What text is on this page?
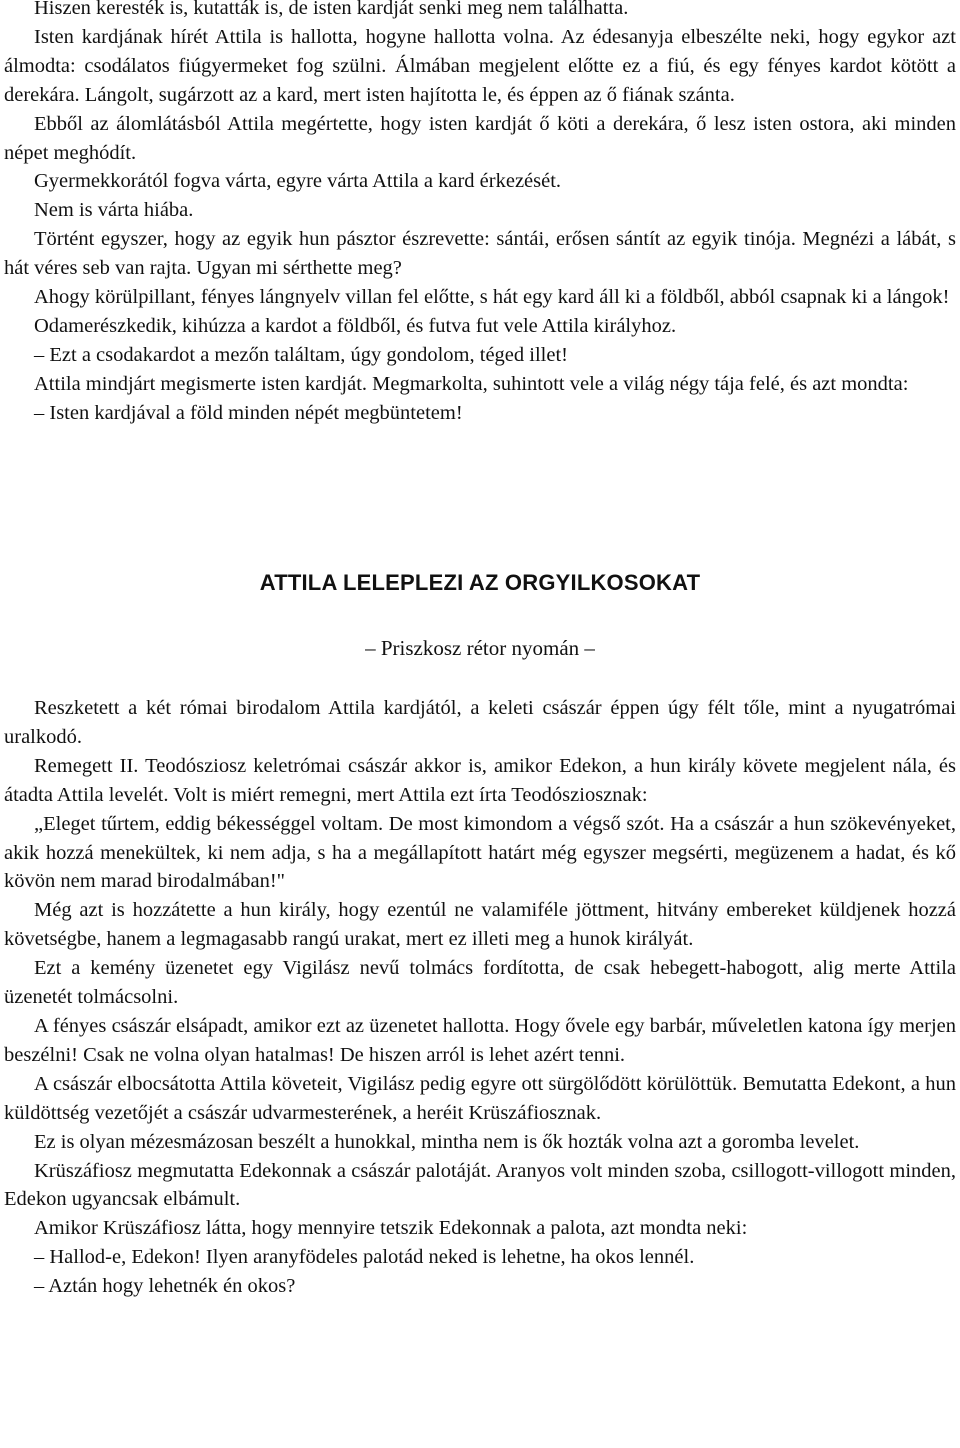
Hiszen keresték is, kutatták is, de isten kardját senki meg nem találhatta.

Isten kardjának hírét Attila is hallotta, hogyne hallotta volna. Az édesanyja elbeszélte neki, hogy egykor azt álmodta: csodálatos fiúgyermeket fog szülni. Álmában megjelent előtte ez a fiú, és egy fényes kardot kötött a derekára. Lángolt, sugárzott az a kard, mert isten hajította le, és éppen az ő fiának szánta.

Ebből az álomlátásból Attila megértette, hogy isten kardját ő köti a derekára, ő lesz isten ostora, aki minden népet meghódít.

Gyermekkorától fogva várta, egyre várta Attila a kard érkezését.

Nem is várta hiába.

Történt egyszer, hogy az egyik hun pásztor észrevette: sántái, erősen sántít az egyik tinója. Megnézi a lábát, s hát véres seb van rajta. Ugyan mi sérthette meg?

Ahogy körülpillant, fényes lángnyelv villan fel előtte, s hát egy kard áll ki a földből, abból csapnak ki a lángok!

Odamerészkedik, kihúzza a kardot a földből, és futva fut vele Attila királyhoz.

– Ezt a csodakardot a mezőn találtam, úgy gondolom, téged illet!

Attila mindjárt megismerte isten kardját. Megmarkolta, suhintott vele a világ négy tája felé, és azt mondta:

– Isten kardjával a föld minden népét megbüntetem!

ATTILA LELEPLEZI AZ ORGYILKOSOKAT

– Priszkosz rétor nyomán –

Reszketett a két római birodalom Attila kardjától, a keleti császár éppen úgy félt tőle, mint a nyugatrómai uralkodó.

Remegett II. Teodósziosz keletrómai császár akkor is, amikor Edekon, a hun király követe megjelent nála, és átadta Attila levelét. Volt is miért remegni, mert Attila ezt írta Teodósziosznak:

„Eleget tűrtem, eddig békességgel voltam. De most kimondom a végső szót. Ha a császár a hun szökevényeket, akik hozzá menekültek, ki nem adja, s ha a megállapított határt még egyszer megsérti, megüzenem a hadat, és kő kövön nem marad birodalmában!"

Még azt is hozzátette a hun király, hogy ezentúl ne valamiféle jöttment, hitvány embereket küldjenek hozzá követségbe, hanem a legmagasabb rangú urakat, mert ez illeti meg a hunok királyát.

Ezt a kemény üzenetet egy Vigilász nevű tolmács fordította, de csak hebegett-habogott, alig merte Attila üzenetét tolmácsolni.

A fényes császár elsápadt, amikor ezt az üzenetet hallotta. Hogy ővele egy barbár, műveletlen katona így merjen beszélni! Csak ne volna olyan hatalmas! De hiszen arról is lehet azért tenni.

A császár elbocsátotta Attila követeit, Vigilász pedig egyre ott sürgölődött körülöttük. Bemutatta Edekont, a hun küldöttség vezetőjét a császár udvarmesterének, a heréit Krüszáfiosznak.

Ez is olyan mézesmázosan beszélt a hunokkal, mintha nem is ők hozták volna azt a goromba levelet.

Krüszáfiosz megmutatta Edekonnak a császár palotáját. Aranyos volt minden szoba, csillogott-villogott minden, Edekon ugyancsak elbámult.

Amikor Krüszáfiosz látta, hogy mennyire tetszik Edekonnak a palota, azt mondta neki:

– Hallod-e, Edekon! Ilyen aranyfödeles palotád neked is lehetne, ha okos lennél.

– Aztán hogy lehetnék én okos?
